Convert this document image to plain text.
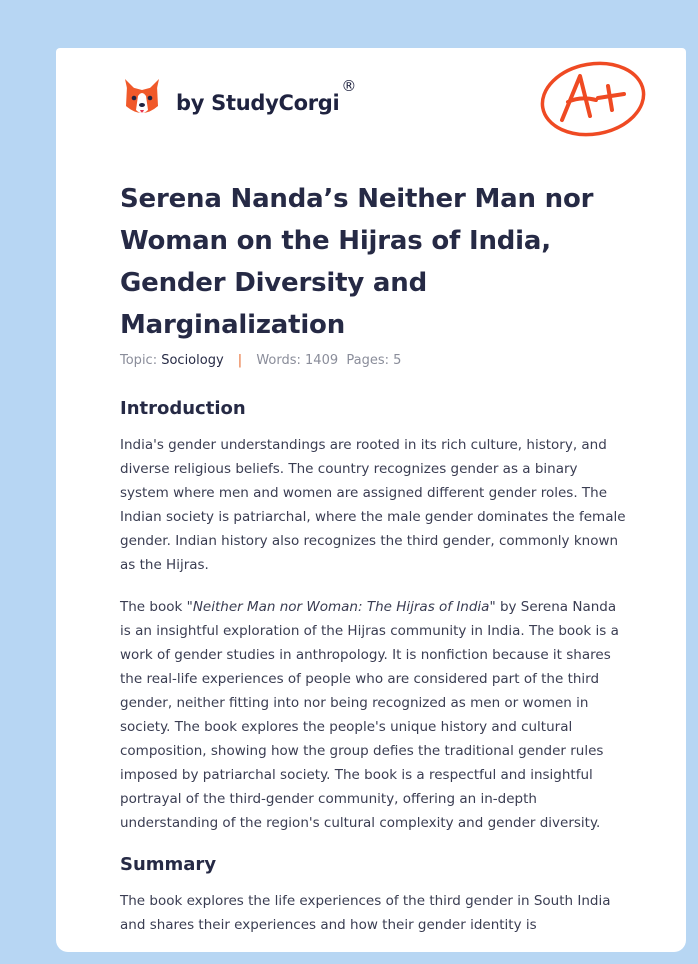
by StudyCorgi
®
Serena Nanda’s Neither Man nor Woman on the Hijras of India, Gender Diversity and Marginalization
Topic: Sociology | Words: 1409 Pages: 5
Introduction

India's gender understandings are rooted in its rich culture, history, and diverse religious beliefs. The country recognizes gender as a binary system where men and women are assigned different gender roles. The Indian society is patriarchal, where the male gender dominates the female gender. Indian history also recognizes the third gender, commonly known as the Hijras.

The book "Neither Man nor Woman: The Hijras of India" by Serena Nanda is an insightful exploration of the Hijras community in India. The book is a work of gender studies in anthropology. It is nonfiction because it shares the real-life experiences of people who are considered part of the third gender, neither fitting into nor being recognized as men or women in society. The book explores the people's unique history and cultural composition, showing how the group defies the traditional gender rules imposed by patriarchal society. The book is a respectful and insightful portrayal of the third-gender community, offering an in-depth understanding of the region's cultural complexity and gender diversity.

Summary

The book explores the life experiences of the third gender in South India and shares their experiences and how their gender identity is
